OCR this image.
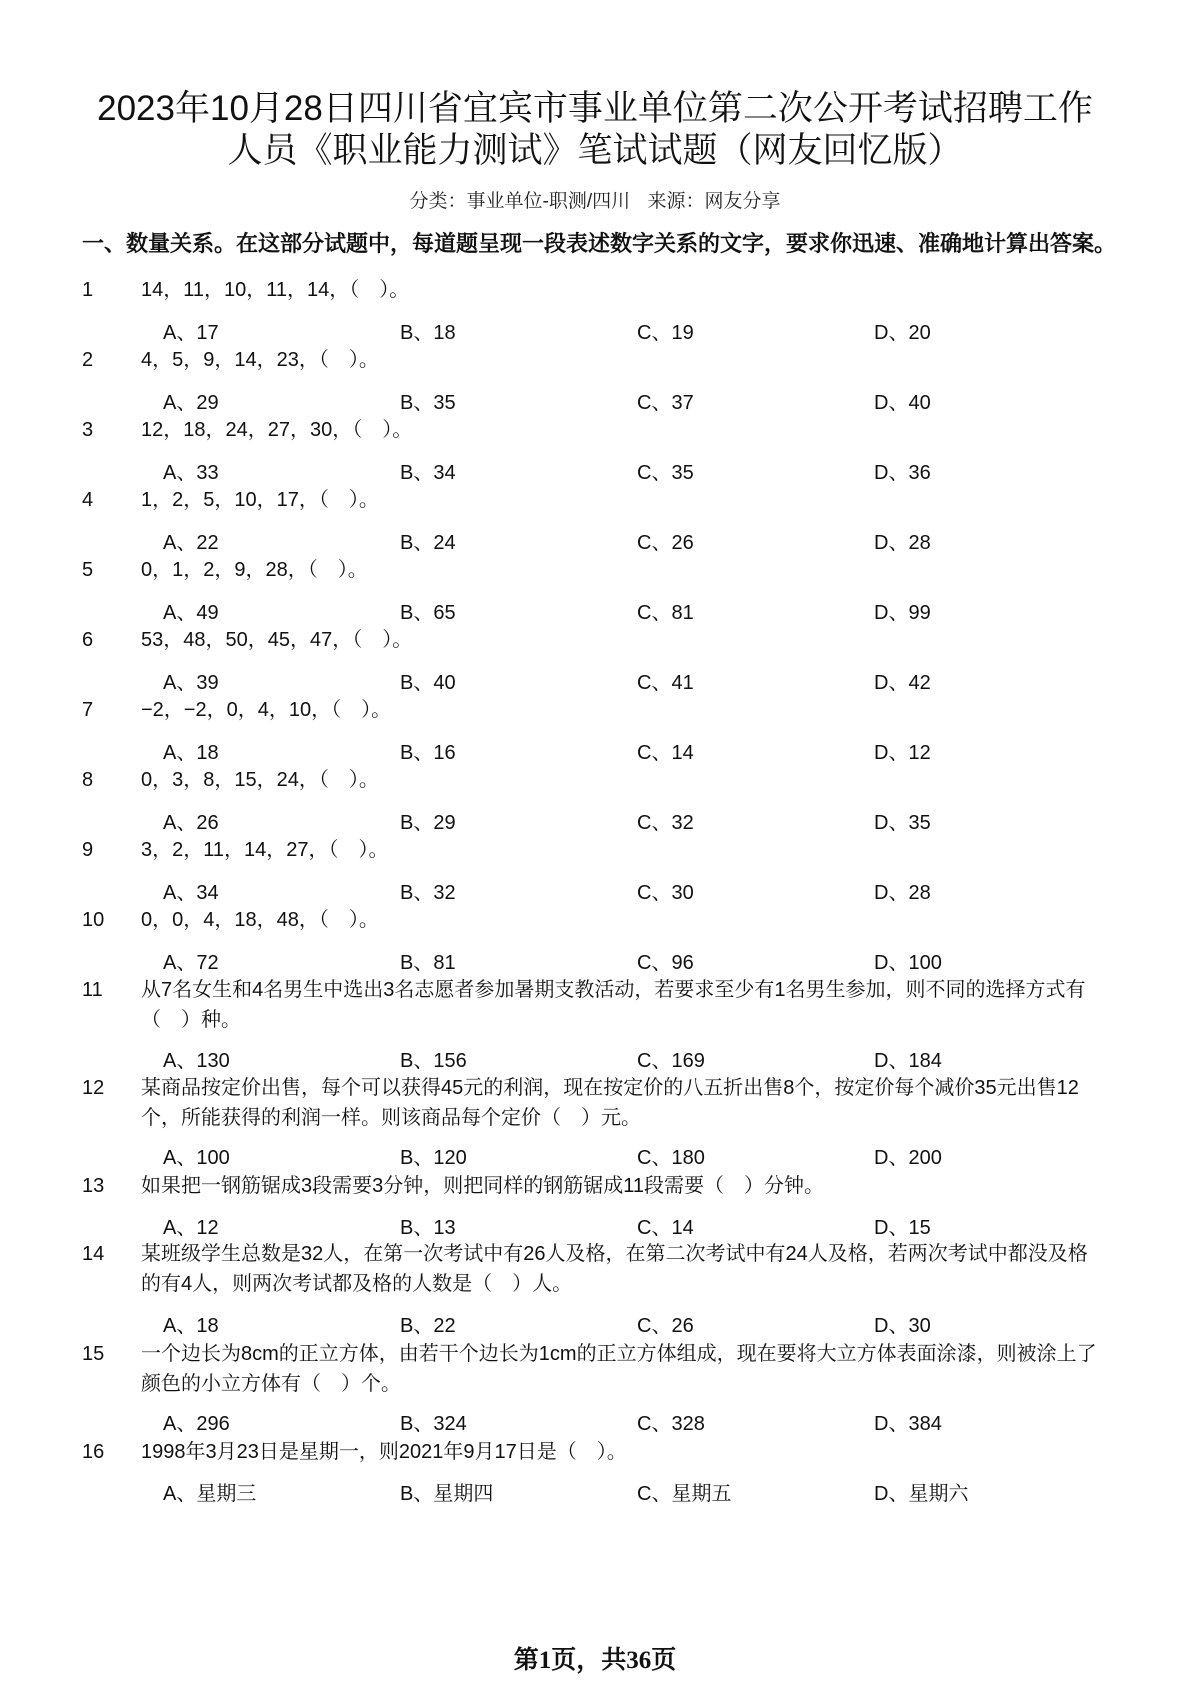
2023年10月28日四川省宜宾市事业单位第二次公开考试招聘工作
人员《职业能力测试》笔试试题（网友回忆版）
分类：事业单位-职测/四川 来源：网友分享
一、数量关系。在这部分试题中，每道题呈现一段表述数字关系的文字，要求你迅速、准确地计算出答案。
1 14，11，10，11，14，（　）。
A、17	B、18	C、19	D、20
2 4，5，9，14，23，（　）。
A、29	B、35	C、37	D、40
3 12，18，24，27，30，（　）。
A、33	B、34	C、35	D、36
4 1，2，5，10，17，（　）。
A、22	B、24	C、26	D、28
5 0，1，2，9，28，（　）。
A、49	B、65	C、81	D、99
6 53，48，50，45，47，（　）。
A、39	B、40	C、41	D、42
7 −2，−2，0，4，10，（　）。
A、18	B、16	C、14	D、12
8 0，3，8，15，24，（　）。
A、26	B、29	C、32	D、35
9 3，2，11，14，27，（　）。
A、34	B、32	C、30	D、28
10 0，0，4，18，48，（　）。
A、72	B、81	C、96	D、100
11 从7名女生和4名男生中选出3名志愿者参加暑期支教活动，若要求至少有1名男生参加，则不同的选择方式有（　）种。
A、130	B、156	C、169	D、184
12 某商品按定价出售，每个可以获得45元的利润，现在按定价的八五折出售8个，按定价每个减价35元出售12个，所能获得的利润一样。则该商品每个定价（　）元。
A、100	B、120	C、180	D、200
13 如果把一钢筋锯成3段需要3分钟，则把同样的钢筋锯成11段需要（　）分钟。
A、12	B、13	C、14	D、15
14 某班级学生总数是32人，在第一次考试中有26人及格，在第二次考试中有24人及格，若两次考试中都没及格的有4人，则两次考试都及格的人数是（　）人。
A、18	B、22	C、26	D、30
15 一个边长为8cm的正立方体，由若干个边长为1cm的正立方体组成，现在要将大立方体表面涂漆，则被涂上了颜色的小立方体有（　）个。
A、296	B、324	C、328	D、384
16 1998年3月23日是星期一，则2021年9月17日是（　）。
A、星期三	B、星期四	C、星期五	D、星期六
第1页，共36页
